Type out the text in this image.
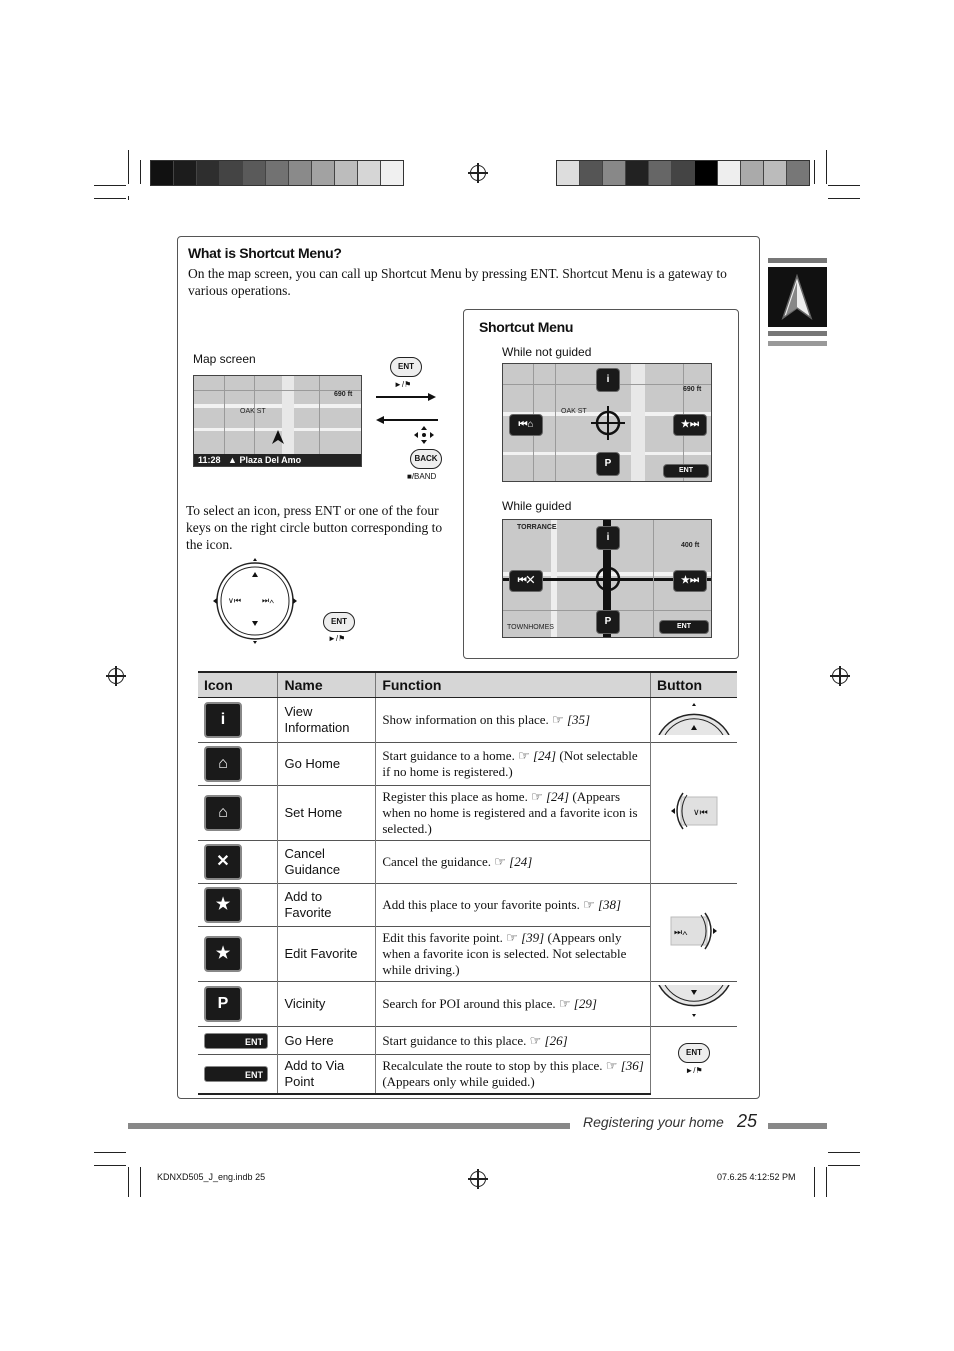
What is Shortcut Menu?
On the map screen, you can call up Shortcut Menu by pressing ENT. Shortcut Menu is a gateway to various operations.
Map screen
OAK ST
690 ft
11:28   ▲ Plaza Del Amo
ENT
►/⚑
BACK
■/BAND
To select an icon, press ENT or one of the four keys on the right circle button corresponding to the icon.
∨⏮	⏭∧
ENT
►/⚑
Shortcut Menu
While not guided
OAK ST
690 ft
i
⏮⌂	★⏭
P
ENT
While guided
TORRANCE
TOWNHOMES
400 ft
i
⏮✕	★⏭
P	ENT
Icon	Name	Function	Button
i	View Information	Show information on this place. ☞ [35]	
⌂	Go Home	Start guidance to a home. ☞ [24] (Not selectable if no home is registered.)	∨⏮

⌂	Set Home	Register this place as home. ☞ [24] (Appears when no home is registered and a favorite icon is selected.)	
✕	Cancel Guidance	Cancel the guidance. ☞ [24]	
★	Add to Favorite	Add this place to your favorite points. ☞ [38]	⏭∧

★	Edit Favorite	Edit this favorite point. ☞ [39] (Appears only when a favorite icon is selected. Not selectable while driving.)	
P	Vicinity	Search for POI around this place. ☞ [29]	
ENT	Go Here	Start guidance to this place. ☞ [26]	ENT
►/⚑

ENT	Add to Via Point	Recalculate the route to stop by this place. ☞ [36] (Appears only while guided.)	
Registering your home 25
KDNXD505_J_eng.indb 25	07.6.25 4:12:52 PM
